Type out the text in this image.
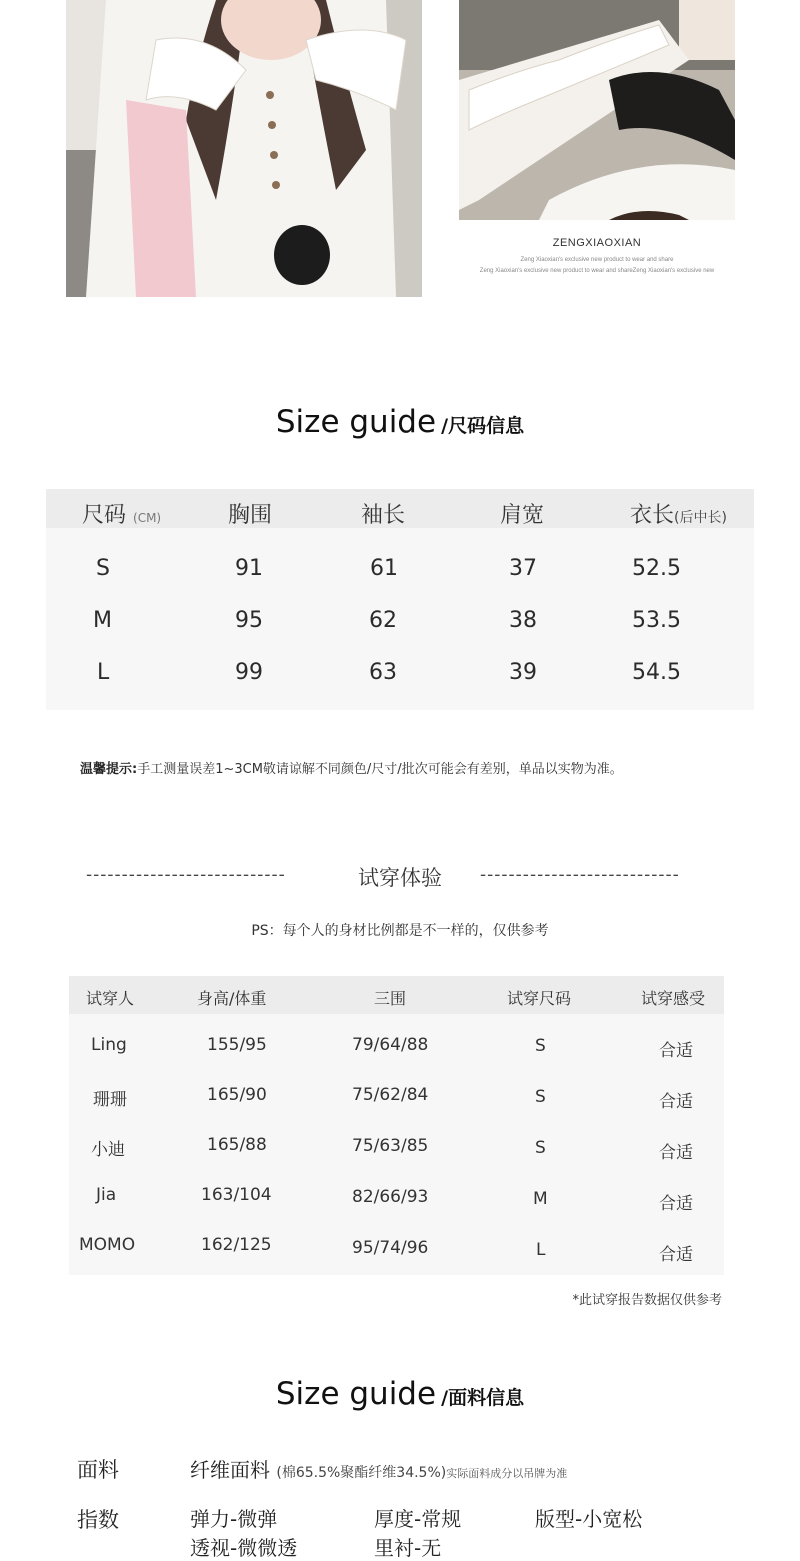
ZENGXIAOXIAN
Zeng Xiaoxian's exclusive new product to wear and share
Zeng Xiaoxian's exclusive new product to wear and shareZeng Xiaoxian's exclusive new
Size guide /尺码信息
尺码 (CM)	胸围	袖长	肩宽	衣长(后中长)
S	91	61	37	52.5
M	95	62	38	53.5
L	99	63	39	54.5
温馨提示:手工测量误差1~3CM敬请谅解不同颜色/尺寸/批次可能会有差别，单品以实物为准。
----------------------------	试穿体验	----------------------------
PS：每个人的身材比例都是不一样的，仅供参考
试穿人	身高/体重	三围	试穿尺码	试穿感受
Ling	155/95	79/64/88	S	合适
珊珊	165/90	75/62/84	S	合适
小迪	165/88	75/63/85	S	合适
Jia	163/104	82/66/93	M	合适
MOMO	162/125	95/74/96	L	合适
*此试穿报告数据仅供参考
Size guide /面料信息
面料	纤维面料 (棉65.5%聚酯纤维34.5%)实际面料成分以吊牌为准
指数	弹力-微弹	厚度-常规	版型-小宽松
透视-微微透	里衬-无
